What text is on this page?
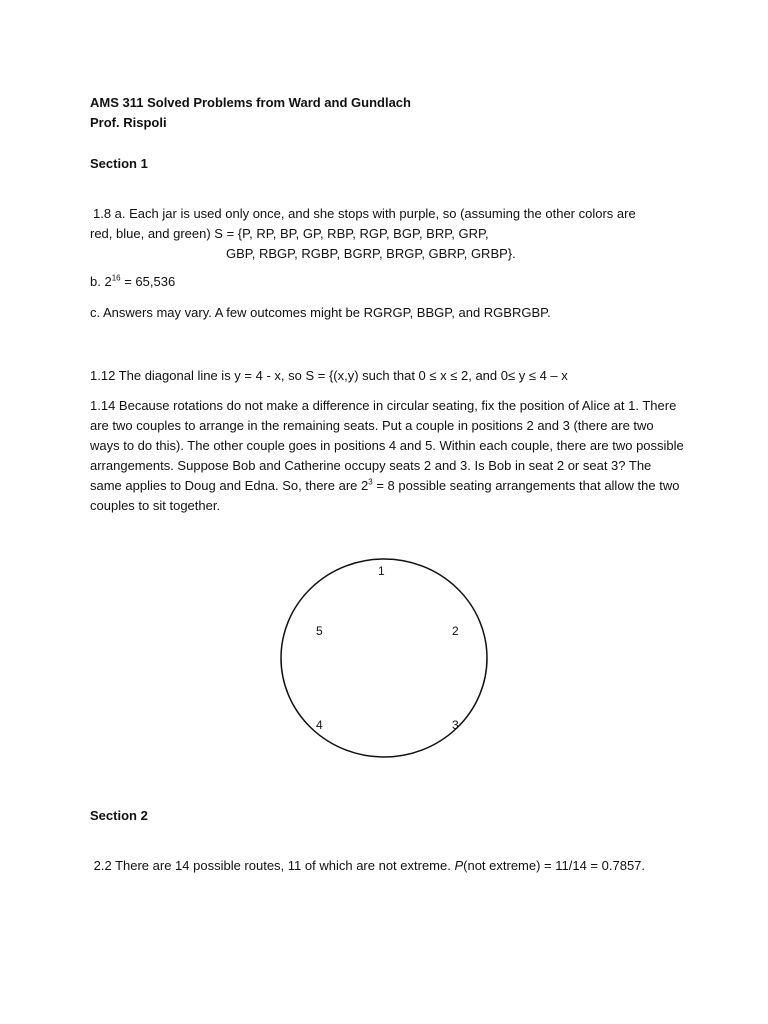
AMS 311 Solved Problems from Ward and Gundlach

Prof. Rispoli

Section 1
1.8 a. Each jar is used only once, and she stops with purple, so (assuming the other colors are
red, blue, and green) S = {P, RP, BP, GP, RBP, RGP, BGP, BRP, GRP,
GBP, RBGP, RGBP, BGRP, BRGP, GBRP, GRBP}.
b. $2^{16} = 65,536$
c. Answers may vary. A few outcomes might be RGRGP, BBGP, and RGBRGBP.
1.12 The diagonal line is y = 4 - x, so S = {(x,y) such that 0 ≤ x ≤ 2, and 0≤ y ≤ 4 – x
1.14 Because rotations do not make a difference in circular seating, fix the position of Alice at 1. There are two couples to arrange in the remaining seats. Put a couple in positions 2 and 3 (there are two ways to do this). The other couple goes in positions 4 and 5. Within each couple, there are two possible arrangements. Suppose Bob and Catherine occupy seats 2 and 3. Is Bob in seat 2 or seat 3? The same applies to Doug and Edna. So, there are $2^3 = 8$ possible seating arrangements that allow the two couples to sit together.
1
2
3
4
5
Section 2
2.2 There are 14 possible routes, 11 of which are not extreme. P(not extreme) = 11/14 = 0.7857.
